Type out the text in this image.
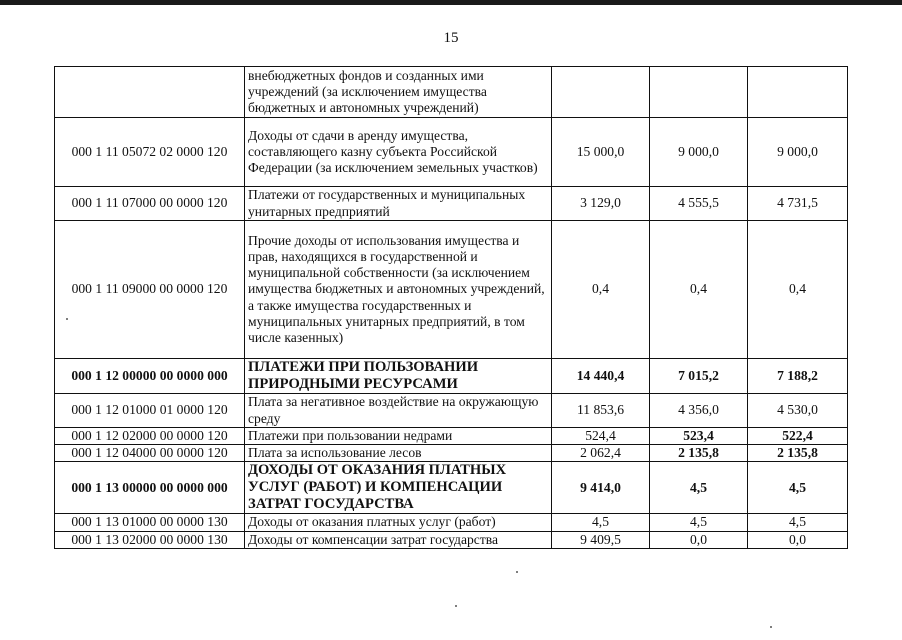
15
	внебюджетных фондов и созданных ими учреждений (за исключением имущества бюджетных и автономных учреждений)			
000 1 11 05072 02 0000 120	Доходы от сдачи в аренду имущества, составляющего казну субъекта Российской Федерации (за исключением земельных участков)	15 000,0	9 000,0	9 000,0
000 1 11 07000 00 0000 120	Платежи от государственных и муниципальных унитарных предприятий	3 129,0	4 555,5	4 731,5
000 1 11 09000 00 0000 120	Прочие доходы от использования имущества и прав, находящихся в государственной и муниципальной собственности (за исключением имущества бюджетных и автономных учреждений, а также имущества государственных и муниципальных унитарных предприятий, в том числе казенных)	0,4	0,4	0,4
000 1 12 00000 00 0000 000	ПЛАТЕЖИ ПРИ ПОЛЬЗОВАНИИ ПРИРОДНЫМИ РЕСУРСАМИ	14 440,4	7 015,2	7 188,2
000 1 12 01000 01 0000 120	Плата за негативное воздействие на окружающую среду	11 853,6	4 356,0	4 530,0
000 1 12 02000 00 0000 120	Платежи при пользовании недрами	524,4	523,4	522,4
000 1 12 04000 00 0000 120	Плата за использование лесов	2 062,4	2 135,8	2 135,8
000 1 13 00000 00 0000 000	ДОХОДЫ ОТ ОКАЗАНИЯ ПЛАТНЫХ УСЛУГ (РАБОТ) И КОМПЕНСАЦИИ ЗАТРАТ ГОСУДАРСТВА	9 414,0	4,5	4,5
000 1 13 01000 00 0000 130	Доходы от оказания платных услуг (работ)	4,5	4,5	4,5
000 1 13 02000 00 0000 130	Доходы от компенсации затрат государства	9 409,5	0,0	0,0
